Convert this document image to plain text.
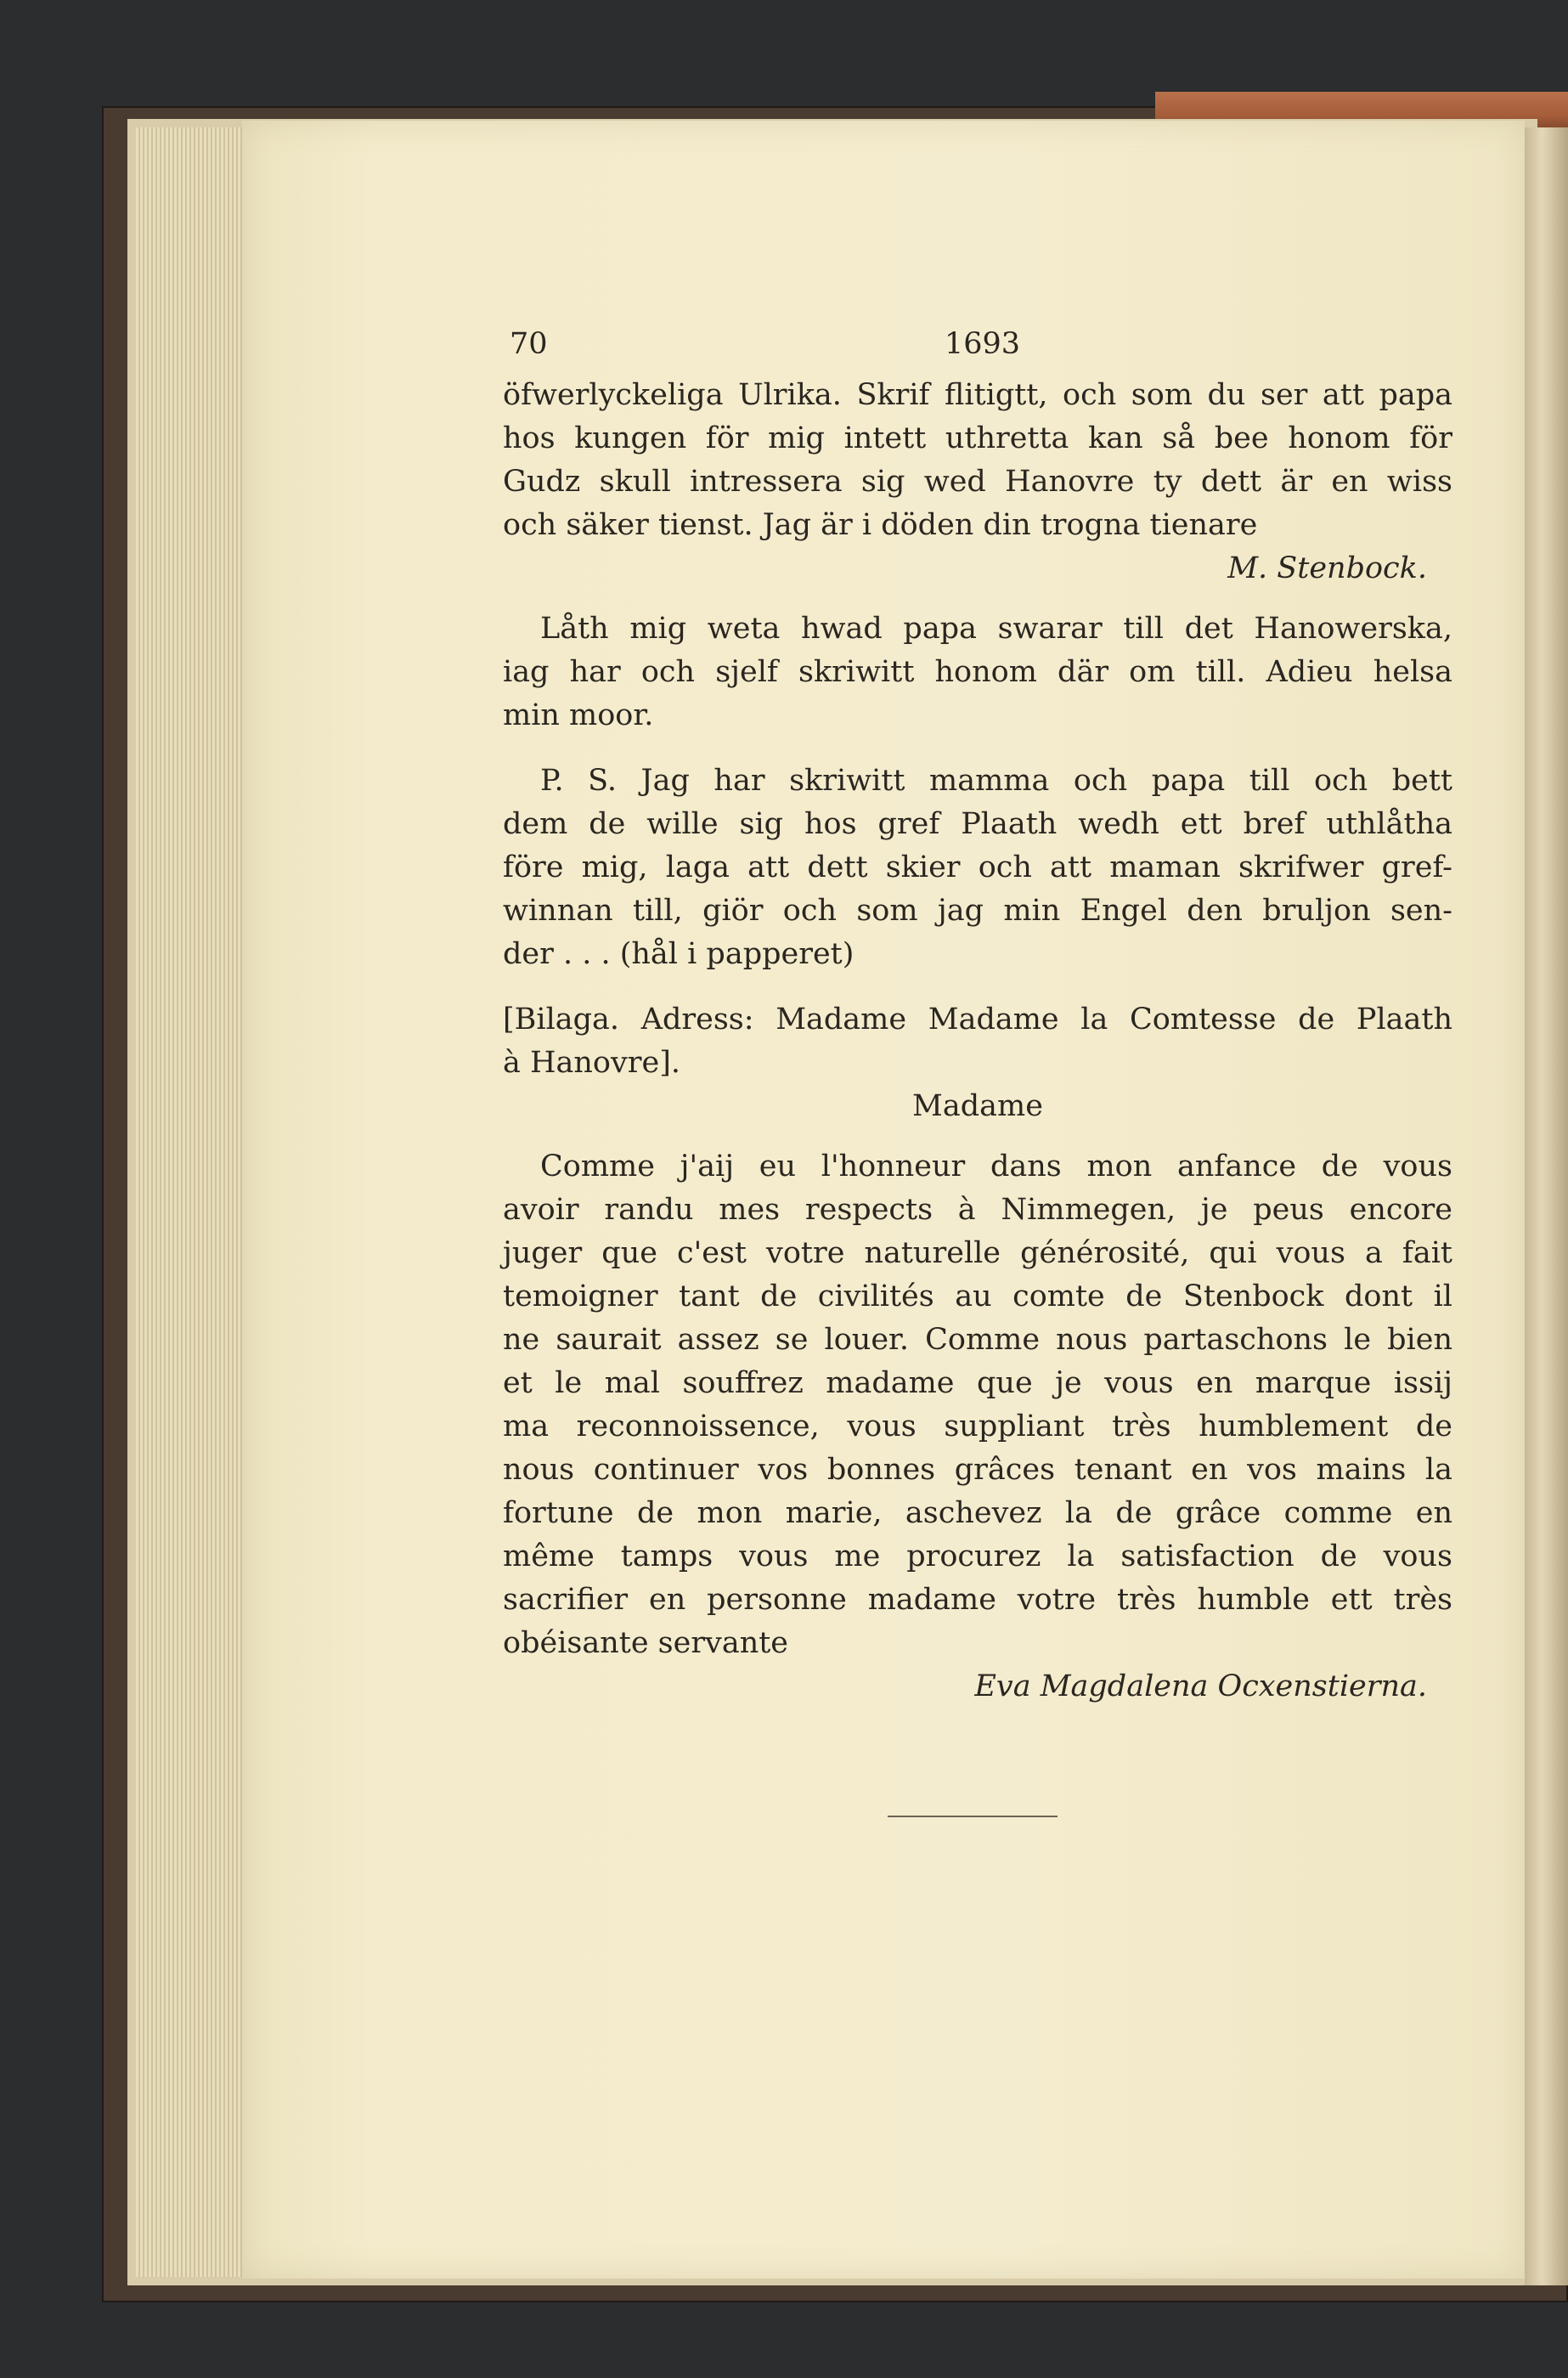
70	1693
öfwerlyckeliga Ulrika. Skrif flitigtt, och som du ser att papa
hos kungen för mig intett uthretta kan så bee honom för
Gudz skull intressera sig wed Hanovre ty dett är en wiss
och säker tienst. Jag är i döden din trogna tienare
M. Stenbock.
Låth mig weta hwad papa swarar till det Hanowerska,
iag har och sjelf skriwitt honom där om till. Adieu helsa
min moor.
P. S. Jag har skriwitt mamma och papa till och bett
dem de wille sig hos gref Plaath wedh ett bref uthlåtha
före mig, laga att dett skier och att maman skrifwer gref-
winnan till, giör och som jag min Engel den bruljon sen-
der . . . (hål i papperet)
[Bilaga. Adress: Madame Madame la Comtesse de Plaath
à Hanovre].
Madame
Comme j'aij eu l'honneur dans mon anfance de vous
avoir randu mes respects à Nimmegen, je peus encore
juger que c'est votre naturelle générosité, qui vous a fait
temoigner tant de civilités au comte de Stenbock dont il
ne saurait assez se louer. Comme nous partaschons le bien
et le mal souffrez madame que je vous en marque issij
ma reconnoissence, vous suppliant très humblement de
nous continuer vos bonnes grâces tenant en vos mains la
fortune de mon marie, aschevez la de grâce comme en
même tamps vous me procurez la satisfaction de vous
sacrifier en personne madame votre très humble ett très
obéisante servante
Eva Magdalena Ocxenstierna.
